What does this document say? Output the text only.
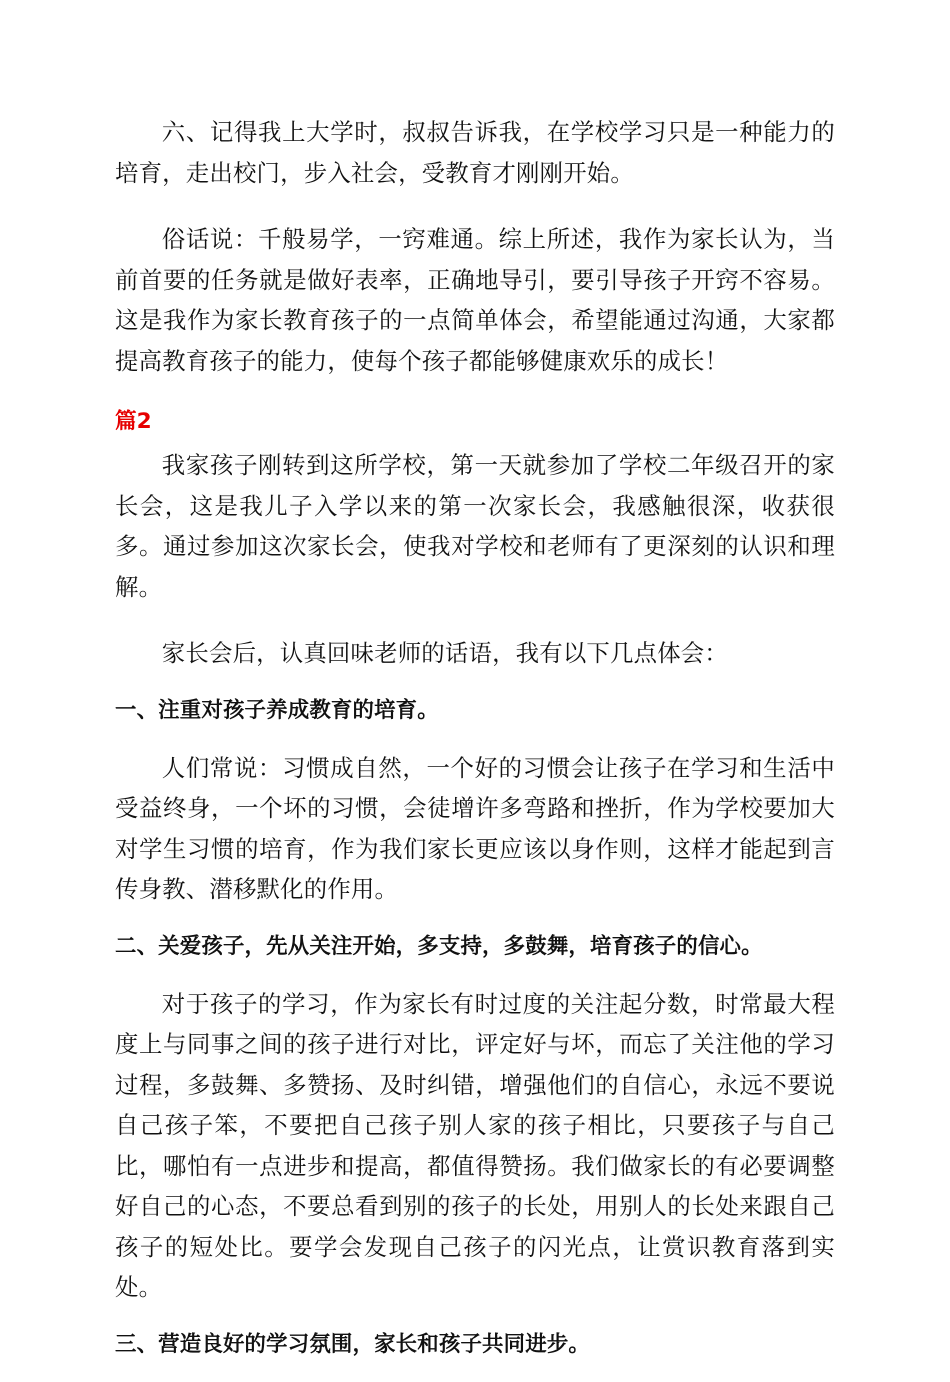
六、记得我上大学时，叔叔告诉我，在学校学习只是一种能力的培育，走出校门，步入社会，受教育才刚刚开始。

俗话说：千般易学，一窍难通。综上所述，我作为家长认为，当前首要的任务就是做好表率，正确地导引，要引导孩子开窍不容易。这是我作为家长教育孩子的一点简单体会，希望能通过沟通，大家都提高教育孩子的能力，使每个孩子都能够健康欢乐的成长！

篇2

我家孩子刚转到这所学校，第一天就参加了学校二年级召开的家长会，这是我儿子入学以来的第一次家长会，我感触很深，收获很多。通过参加这次家长会，使我对学校和老师有了更深刻的认识和理解。

家长会后，认真回味老师的话语，我有以下几点体会：

一、注重对孩子养成教育的培育。

人们常说：习惯成自然，一个好的习惯会让孩子在学习和生活中受益终身，一个坏的习惯，会徒增许多弯路和挫折，作为学校要加大对学生习惯的培育，作为我们家长更应该以身作则，这样才能起到言传身教、潜移默化的作用。

二、关爱孩子，先从关注开始，多支持，多鼓舞，培育孩子的信心。

对于孩子的学习，作为家长有时过度的关注起分数，时常最大程度上与同事之间的孩子进行对比，评定好与坏，而忘了关注他的学习过程，多鼓舞、多赞扬、及时纠错，增强他们的自信心，永远不要说自己孩子笨，不要把自己孩子别人家的孩子相比，只要孩子与自己比，哪怕有一点进步和提高，都值得赞扬。我们做家长的有必要调整好自己的心态，不要总看到别的孩子的长处，用别人的长处来跟自己孩子的短处比。要学会发现自己孩子的闪光点，让赏识教育落到实处。

三、营造良好的学习氛围，家长和孩子共同进步。
